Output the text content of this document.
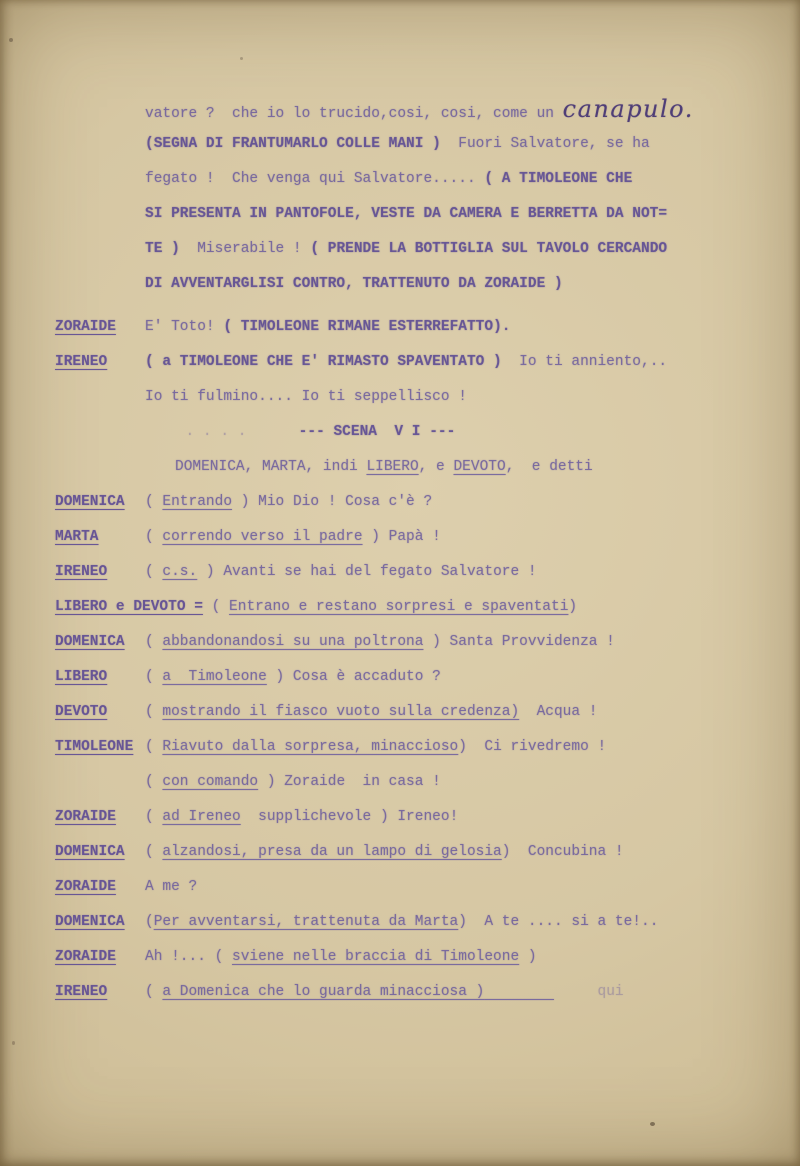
vatore ?  che io lo trucido,cosi, cosi, come un canapulo.
(SEGNA DI FRANTUMARLO COLLE MANI )  Fuori Salvatore, se ha
fegato !  Che venga qui Salvatore..... ( A TIMOLEONE CHE
SI PRESENTA IN PANTOFOLE, VESTE DA CAMERA E BERRETTA DA NOT=
TE )  Miserabile ! ( PRENDE LA BOTTIGLIA SUL TAVOLO CERCANDO
DI AVVENTARGLISI CONTRO, TRATTENUTO DA ZORAIDE )
ZORAIDE E' Toto! ( TIMOLEONE RIMANE ESTERREFATTO).
IRENEO	( a TIMOLEONE CHE E' RIMASTO SPAVENTATO )  Io ti anniento,..
Io ti fulmino.... Io ti seppellisco !
. . . .	--- SCENA  V I ---
DOMENICA, MARTA, indi LIBERO, e DEVOTO,  e detti
DOMENICA ( Entrando ) Mio Dio ! Cosa c'è ?
MARTA	( correndo verso il padre ) Papà !
IRENEO	( c.s. ) Avanti se hai del fegato Salvatore !
LIBERO e DEVOTO = ( Entrano e restano sorpresi e spaventati)
DOMENICA ( abbandonandosi su una poltrona ) Santa Provvidenza !
LIBERO	( a  Timoleone ) Cosa è accaduto ?
DEVOTO	( mostrando il fiasco vuoto sulla credenza)  Acqua !
TIMOLEONE ( Riavuto dalla sorpresa, minaccioso)  Ci rivedremo !
( con comando ) Zoraide  in casa !
ZORAIDE ( ad Ireneo  supplichevole ) Ireneo!
DOMENICA ( alzandosi, presa da un lampo di gelosia)  Concubina !
ZORAIDE A me ?
DOMENICA (Per avventarsi, trattenuta da Marta)  A te .... si a te!..
ZORAIDE Ah !... ( sviene nelle braccia di Timoleone )
IRENEO	( a Domenica che lo guarda minacciosa )	qui
